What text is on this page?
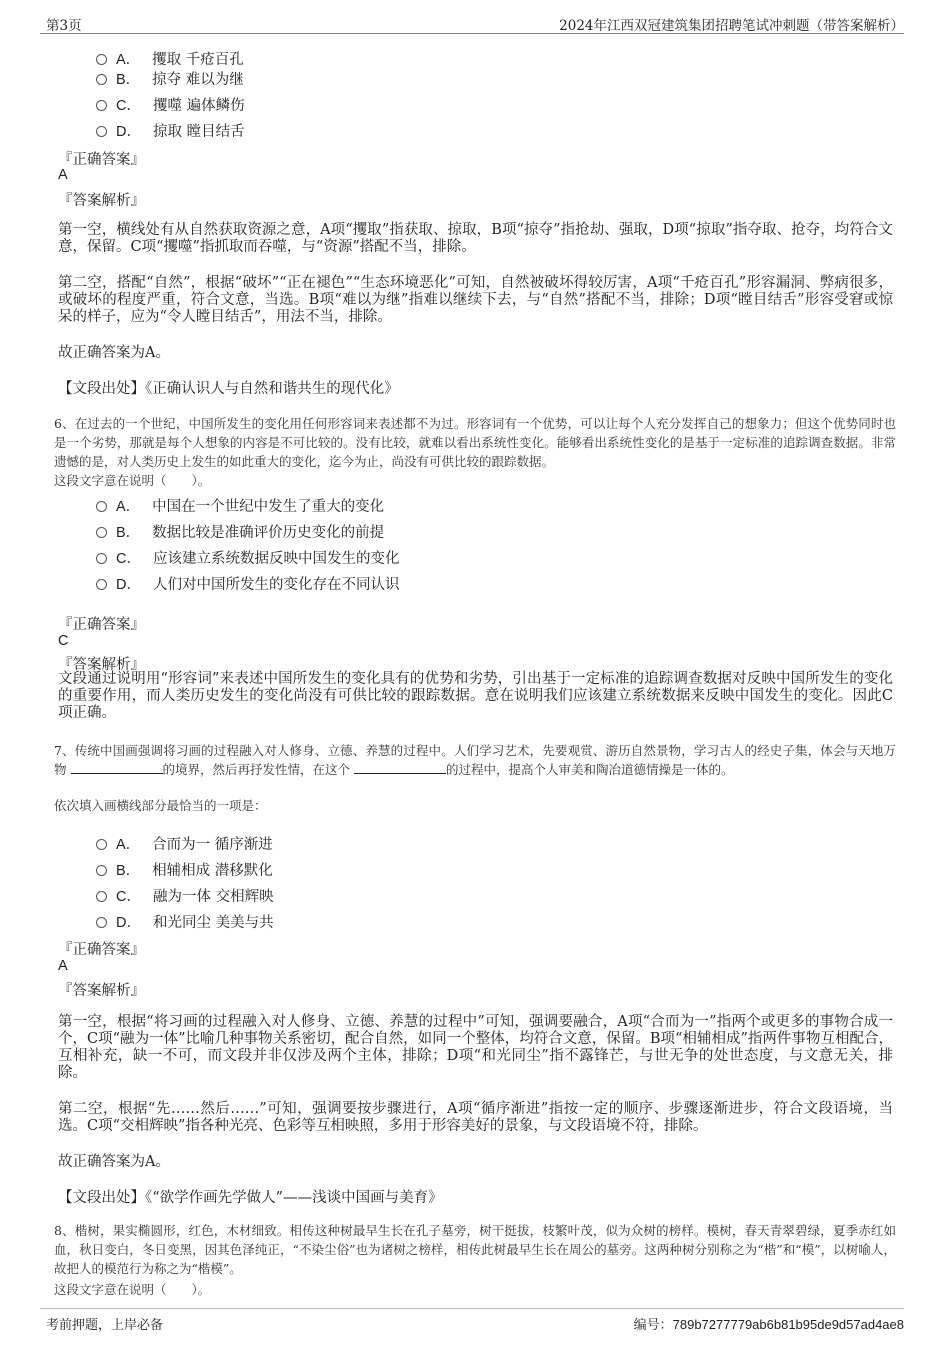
第3页	2024年江西双冠建筑集团招聘笔试冲刺题（带答案解析）
A． 攫取 千疮百孔
B． 掠夺 难以为继
C． 攫噬 遍体鳞伤
D． 掠取 瞠目结舌
『正确答案』
A
『答案解析』
第一空，横线处有从自然获取资源之意，A项“攫取”指获取、掠取，B项“掠夺”指抢劫、强取，D项“掠取”指夺取、抢夺，均符合文意，保留。C项“攫噬”指抓取而吞噬，与“资源”搭配不当，排除。
第二空，搭配“自然”，根据“破坏”“正在褪色”“生态环境恶化”可知，自然被破坏得较厉害，A项“千疮百孔”形容漏洞、弊病很多，或破坏的程度严重，符合文意，当选。B项“难以为继”指难以继续下去，与“自然”搭配不当，排除；D项“瞠目结舌”形容受窘或惊呆的样子，应为“令人瞠目结舌”，用法不当，排除。
故正确答案为A。
【文段出处】《正确认识人与自然和谐共生的现代化》
6、在过去的一个世纪，中国所发生的变化用任何形容词来表述都不为过。形容词有一个优势，可以让每个人充分发挥自己的想象力；但这个优势同时也是一个劣势，那就是每个人想象的内容是不可比较的。没有比较，就难以看出系统性变化。能够看出系统性变化的是基于一定标准的追踪调查数据。非常遗憾的是，对人类历史上发生的如此重大的变化，迄今为止，尚没有可供比较的跟踪数据。
这段文字意在说明（　　）。
A． 中国在一个世纪中发生了重大的变化
B． 数据比较是准确评价历史变化的前提
C． 应该建立系统数据反映中国发生的变化
D． 人们对中国所发生的变化存在不同认识
『正确答案』
C
『答案解析』
文段通过说明用“形容词”来表述中国所发生的变化具有的优势和劣势，引出基于一定标准的追踪调查数据对反映中国所发生的变化的重要作用，而人类历史发生的变化尚没有可供比较的跟踪数据。意在说明我们应该建立系统数据来反映中国发生的变化。因此C项正确。
7、传统中国画强调将习画的过程融入对人修身、立德、养慧的过程中。人们学习艺术，先要观赏、游历自然景物，学习古人的经史子集，体会与天地万物	的境界，然后再抒发性情，在这个	的过程中，提高个人审美和陶冶道德情操是一体的。
依次填入画横线部分最恰当的一项是：
A． 合而为一 循序渐进
B． 相辅相成 潜移默化
C． 融为一体 交相辉映
D． 和光同尘 美美与共
『正确答案』
A
『答案解析』
第一空，根据“将习画的过程融入对人修身、立德、养慧的过程中”可知，强调要融合，A项“合而为一”指两个或更多的事物合成一个，C项“融为一体”比喻几种事物关系密切，配合自然，如同一个整体，均符合文意，保留。B项“相辅相成”指两件事物互相配合，互相补充，缺一不可，而文段并非仅涉及两个主体，排除；D项“和光同尘”指不露锋芒，与世无争的处世态度，与文意无关，排除。
第二空，根据“先……然后……”可知，强调要按步骤进行，A项“循序渐进”指按一定的顺序、步骤逐渐进步，符合文段语境，当选。C项“交相辉映”指各种光亮、色彩等互相映照，多用于形容美好的景象，与文段语境不符，排除。
故正确答案为A。
【文段出处】《“欲学作画先学做人”——浅谈中国画与美育》
8、楷树，果实椭圆形，红色，木材细致。相传这种树最早生长在孔子墓旁，树干挺拔，枝繁叶茂，似为众树的榜样。模树，春天青翠碧绿，夏季赤红如血，秋日变白，冬日变黑，因其色泽纯正，“不染尘俗”也为诸树之榜样，相传此树最早生长在周公的墓旁。这两种树分别称之为“楷”和“模”，以树喻人，故把人的模范行为称之为“楷模”。
这段文字意在说明（　　）。
考前押题，上岸必备	编号：789b7277779ab6b81b95de9d57ad4ae8
